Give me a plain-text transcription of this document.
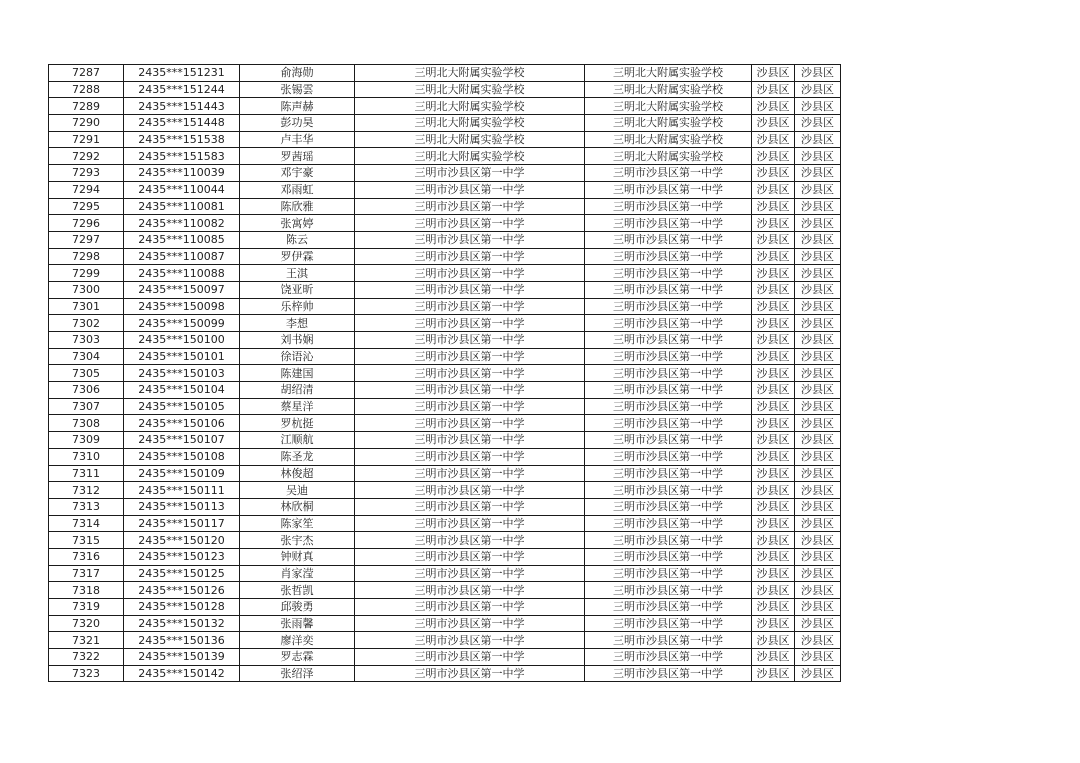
7287	2435***151231	俞海勋	三明北大附属实验学校	三明北大附属实验学校	沙县区	沙县区
7288	2435***151244	张锡雲	三明北大附属实验学校	三明北大附属实验学校	沙县区	沙县区
7289	2435***151443	陈声赫	三明北大附属实验学校	三明北大附属实验学校	沙县区	沙县区
7290	2435***151448	彭功昊	三明北大附属实验学校	三明北大附属实验学校	沙县区	沙县区
7291	2435***151538	卢丰华	三明北大附属实验学校	三明北大附属实验学校	沙县区	沙县区
7292	2435***151583	罗茜瑶	三明北大附属实验学校	三明北大附属实验学校	沙县区	沙县区
7293	2435***110039	邓宇豪	三明市沙县区第一中学	三明市沙县区第一中学	沙县区	沙县区
7294	2435***110044	邓雨虹	三明市沙县区第一中学	三明市沙县区第一中学	沙县区	沙县区
7295	2435***110081	陈欣雅	三明市沙县区第一中学	三明市沙县区第一中学	沙县区	沙县区
7296	2435***110082	张寓婷	三明市沙县区第一中学	三明市沙县区第一中学	沙县区	沙县区
7297	2435***110085	陈云	三明市沙县区第一中学	三明市沙县区第一中学	沙县区	沙县区
7298	2435***110087	罗伊霖	三明市沙县区第一中学	三明市沙县区第一中学	沙县区	沙县区
7299	2435***110088	王淇	三明市沙县区第一中学	三明市沙县区第一中学	沙县区	沙县区
7300	2435***150097	饶亚昕	三明市沙县区第一中学	三明市沙县区第一中学	沙县区	沙县区
7301	2435***150098	乐梓帅	三明市沙县区第一中学	三明市沙县区第一中学	沙县区	沙县区
7302	2435***150099	李想	三明市沙县区第一中学	三明市沙县区第一中学	沙县区	沙县区
7303	2435***150100	刘书娴	三明市沙县区第一中学	三明市沙县区第一中学	沙县区	沙县区
7304	2435***150101	徐语沁	三明市沙县区第一中学	三明市沙县区第一中学	沙县区	沙县区
7305	2435***150103	陈建国	三明市沙县区第一中学	三明市沙县区第一中学	沙县区	沙县区
7306	2435***150104	胡绍清	三明市沙县区第一中学	三明市沙县区第一中学	沙县区	沙县区
7307	2435***150105	蔡星洋	三明市沙县区第一中学	三明市沙县区第一中学	沙县区	沙县区
7308	2435***150106	罗杭挺	三明市沙县区第一中学	三明市沙县区第一中学	沙县区	沙县区
7309	2435***150107	江顺航	三明市沙县区第一中学	三明市沙县区第一中学	沙县区	沙县区
7310	2435***150108	陈圣龙	三明市沙县区第一中学	三明市沙县区第一中学	沙县区	沙县区
7311	2435***150109	林俊超	三明市沙县区第一中学	三明市沙县区第一中学	沙县区	沙县区
7312	2435***150111	吴迪	三明市沙县区第一中学	三明市沙县区第一中学	沙县区	沙县区
7313	2435***150113	林欣桐	三明市沙县区第一中学	三明市沙县区第一中学	沙县区	沙县区
7314	2435***150117	陈家笙	三明市沙县区第一中学	三明市沙县区第一中学	沙县区	沙县区
7315	2435***150120	张宇杰	三明市沙县区第一中学	三明市沙县区第一中学	沙县区	沙县区
7316	2435***150123	钟财真	三明市沙县区第一中学	三明市沙县区第一中学	沙县区	沙县区
7317	2435***150125	肖家滢	三明市沙县区第一中学	三明市沙县区第一中学	沙县区	沙县区
7318	2435***150126	张哲凯	三明市沙县区第一中学	三明市沙县区第一中学	沙县区	沙县区
7319	2435***150128	邱骏勇	三明市沙县区第一中学	三明市沙县区第一中学	沙县区	沙县区
7320	2435***150132	张雨馨	三明市沙县区第一中学	三明市沙县区第一中学	沙县区	沙县区
7321	2435***150136	廖洋奕	三明市沙县区第一中学	三明市沙县区第一中学	沙县区	沙县区
7322	2435***150139	罗志霖	三明市沙县区第一中学	三明市沙县区第一中学	沙县区	沙县区
7323	2435***150142	张绍泽	三明市沙县区第一中学	三明市沙县区第一中学	沙县区	沙县区
